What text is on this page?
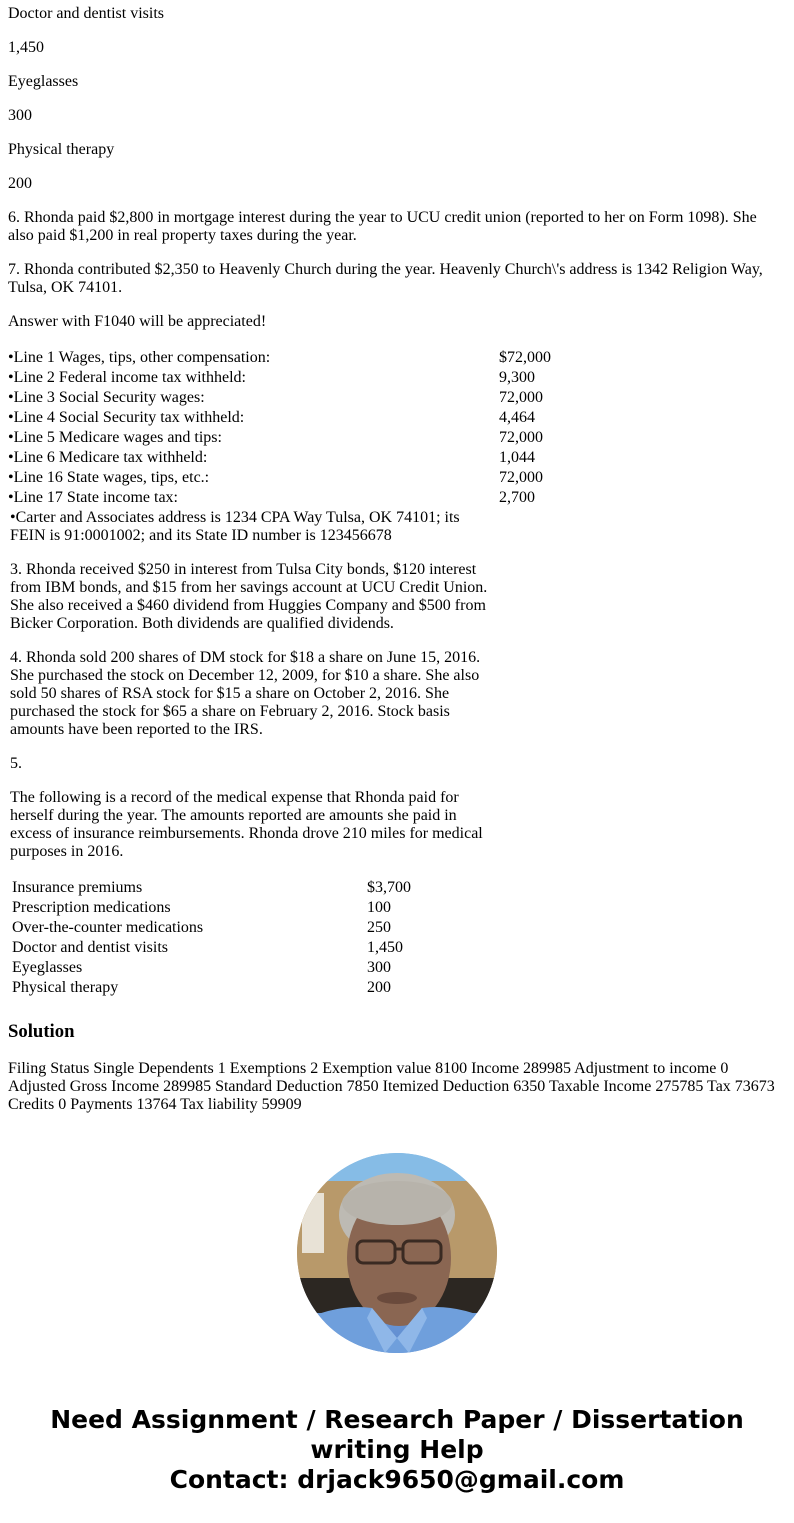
Doctor and dentist visits

1,450

Eyeglasses

300

Physical therapy

200

6. Rhonda paid $2,800 in mortgage interest during the year to UCU credit union (reported to her on Form 1098). She also paid $1,200 in real property taxes during the year.

7. Rhonda contributed $2,350 to Heavenly Church during the year. Heavenly Church\'s address is 1342 Religion Way, Tulsa, OK 74101.

Answer with F1040 will be appreciated!

•Line 1 Wages, tips, other compensation:	$72,000
•Line 2 Federal income tax withheld:	9,300
•Line 3 Social Security wages:	72,000
•Line 4 Social Security tax withheld:	4,464
•Line 5 Medicare wages and tips:	72,000
•Line 6 Medicare tax withheld:	1,044
•Line 16 State wages, tips, etc.:	72,000
•Line 17 State income tax:	2,700

•Carter and Associates address is 1234 CPA Way Tulsa, OK 74101; its FEIN is 91:0001002; and its State ID number is 123456678

3. Rhonda received $250 in interest from Tulsa City bonds, $120 interest from IBM bonds, and $15 from her savings account at UCU Credit Union. She also received a $460 dividend from Huggies Company and $500 from Bicker Corporation. Both dividends are qualified dividends.

4. Rhonda sold 200 shares of DM stock for $18 a share on June 15, 2016. She purchased the stock on December 12, 2009, for $10 a share. She also sold 50 shares of RSA stock for $15 a share on October 2, 2016. She purchased the stock for $65 a share on February 2, 2016. Stock basis amounts have been reported to the IRS.

5.

The following is a record of the medical expense that Rhonda paid for herself during the year. The amounts reported are amounts she paid in excess of insurance reimbursements. Rhonda drove 210 miles for medical purposes in 2016.

Insurance premiums	$3,700
Prescription medications	100
Over-the-counter medications	250
Doctor and dentist visits	1,450
Eyeglasses	300
Physical therapy	200
Solution

Filing Status Single Dependents 1 Exemptions 2 Exemption value 8100 Income 289985 Adjustment to income 0 Adjusted Gross Income 289985 Standard Deduction 7850 Itemized Deduction 6350 Taxable Income 275785 Tax 73673 Credits 0 Payments 13764 Tax liability 59909

Need Assignment / Research Paper / Dissertation
writing Help
Contact: drjack9650@gmail.com
